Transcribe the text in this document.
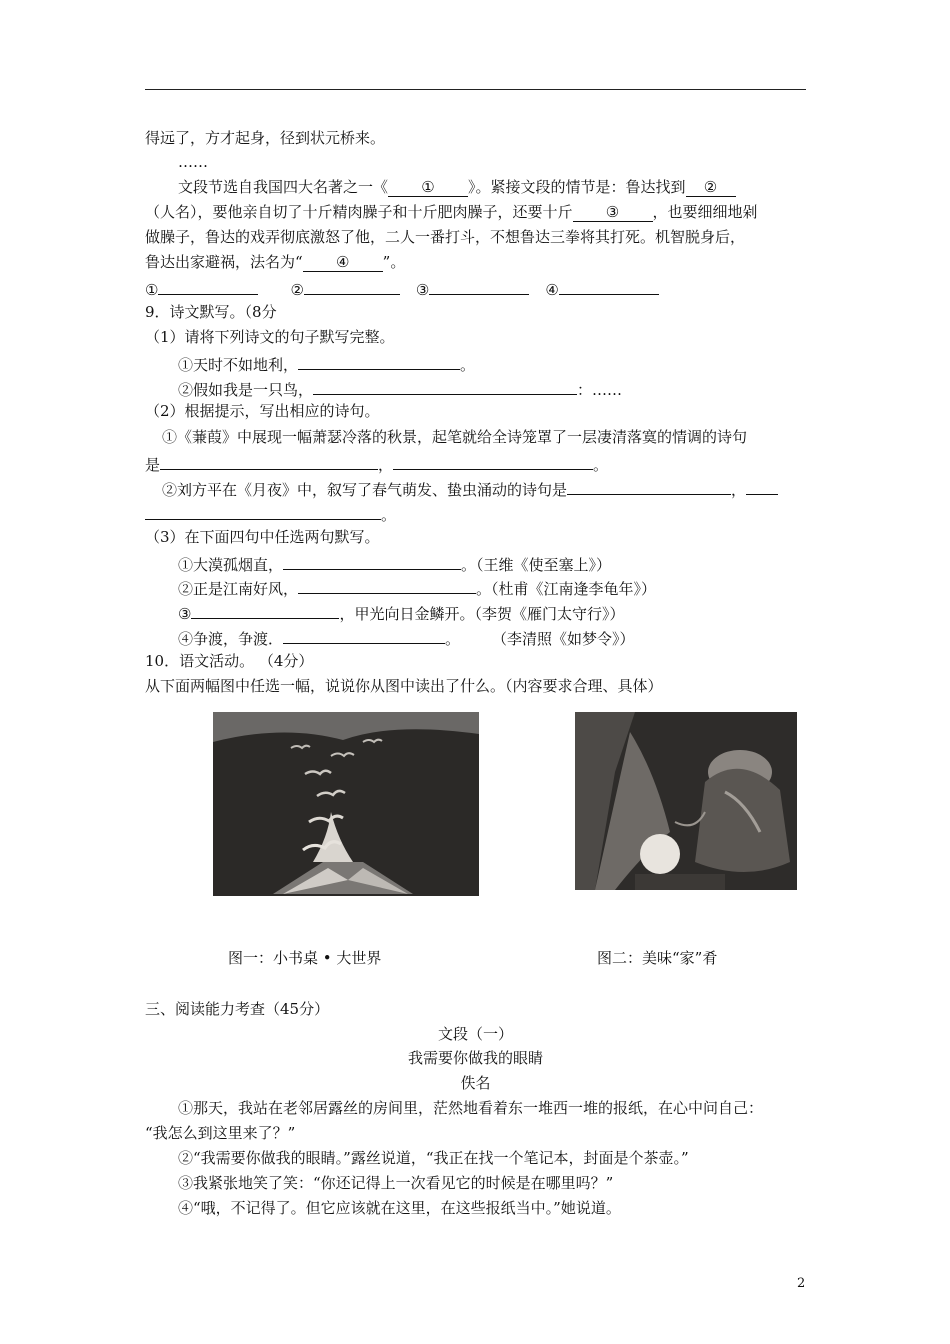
得远了，方才起身，径到状元桥来。
……
文段节选自我国四大名著之一《 ① 》。紧接文段的情节是：鲁达找到 ②
（人名），要他亲自切了十斤精肉臊子和十斤肥肉臊子，还要十斤 ③ ，也要细细地剁
做臊子，鲁达的戏弄彻底激怒了他，二人一番打斗，不想鲁达三拳将其打死。机智脱身后，
鲁达出家避祸，法名为“ ④ ”。
①	②	③	④
9．诗文默写。（8分
（1）请将下列诗文的句子默写完整。
①天时不如地利，	。
②假如我是一只鸟，	：……
（2）根据提示，写出相应的诗句。
①《蒹葭》中展现一幅萧瑟冷落的秋景，起笔就给全诗笼罩了一层凄清落寞的情调的诗句
是	，	。
②刘方平在《月夜》中，叙写了春气萌发、蛰虫涌动的诗句是	，
。
（3）在下面四句中任选两句默写。
①大漠孤烟直，	。（王维《使至塞上》）
②正是江南好风，	。（杜甫《江南逢李龟年》）
③	，甲光向日金鳞开。（李贺《雁门太守行》）
④争渡，争渡．	。 （李清照《如梦令》）
10．语文活动。 （4分）
从下面两幅图中任选一幅，说说你从图中读出了什么。（内容要求合理、具体）
图一：小书桌 • 大世界	图二：美味“家”肴
三、阅读能力考查（45分）
文段（一）
我需要你做我的眼睛
佚名
①那天，我站在老邻居露丝的房间里，茫然地看着东一堆西一堆的报纸，在心中问自己：
“我怎么到这里来了？”
②“我需要你做我的眼睛。”露丝说道，“我正在找一个笔记本，封面是个茶壶。”
③我紧张地笑了笑：“你还记得上一次看见它的时候是在哪里吗？”
④“哦，不记得了。但它应该就在这里，在这些报纸当中。”她说道。
2
